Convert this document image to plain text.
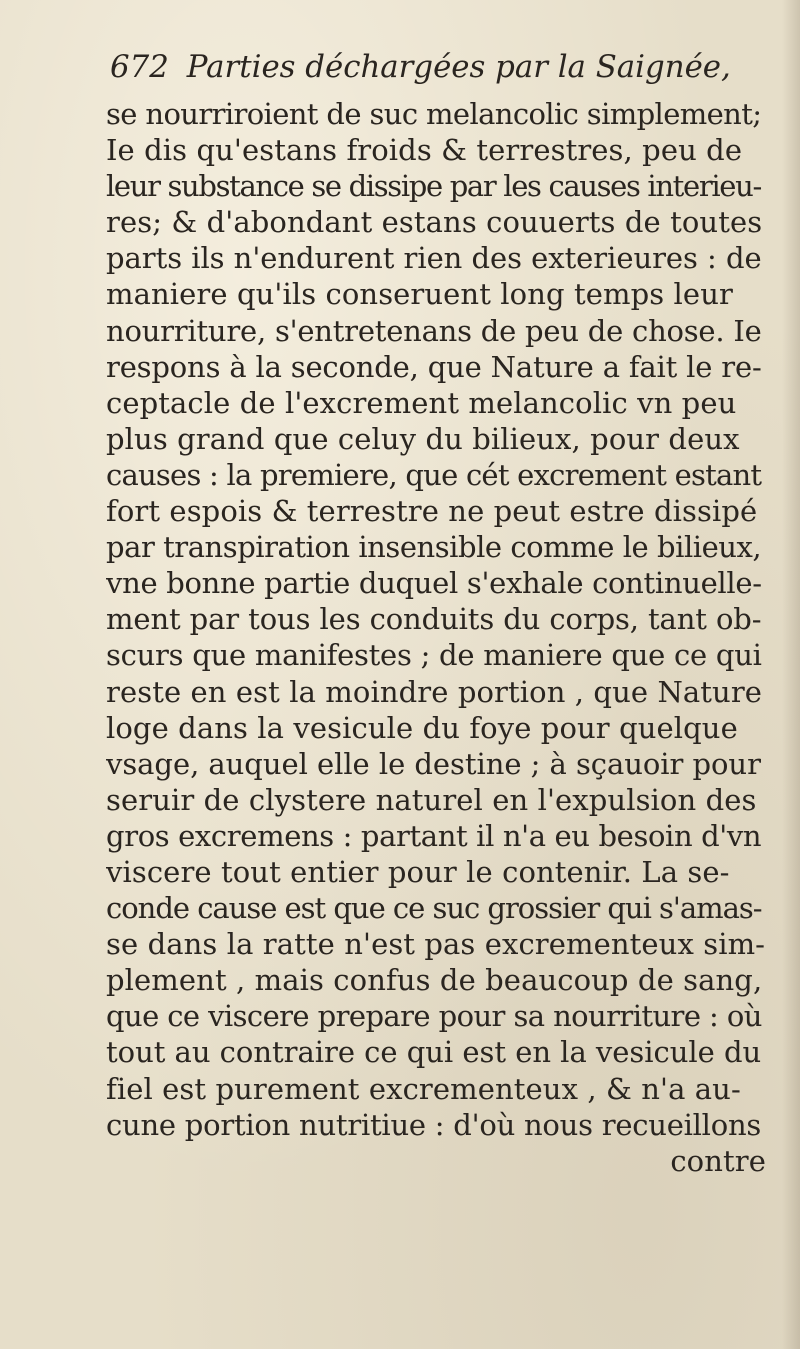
672 Parties déchargées par la Saignée,
se nourriroient de suc melancolic simplement;
Ie dis qu'estans froids & terrestres, peu de
leur substance se dissipe par les causes interieu-
res; & d'abondant estans couuerts de toutes
parts ils n'endurent rien des exterieures : de
maniere qu'ils conseruent long temps leur
nourriture, s'entretenans de peu de chose. Ie
respons à la seconde, que Nature a fait le re-
ceptacle de l'excrement melancolic vn peu
plus grand que celuy du bilieux, pour deux
causes : la premiere, que cét excrement estant
fort espois & terrestre ne peut estre dissipé
par transpiration insensible comme le bilieux,
vne bonne partie duquel s'exhale continuelle-
ment par tous les conduits du corps, tant ob-
scurs que manifestes ; de maniere que ce qui
reste en est la moindre portion , que Nature
loge dans la vesicule du foye pour quelque
vsage, auquel elle le destine ; à sçauoir pour
seruir de clystere naturel en l'expulsion des
gros excremens : partant il n'a eu besoin d'vn
viscere tout entier pour le contenir. La se-
conde cause est que ce suc grossier qui s'amas-
se dans la ratte n'est pas excrementeux sim-
plement , mais confus de beaucoup de sang,
que ce viscere prepare pour sa nourriture : où
tout au contraire ce qui est en la vesicule du
fiel est purement excrementeux , & n'a au-
cune portion nutritiue : d'où nous recueillons
contre
